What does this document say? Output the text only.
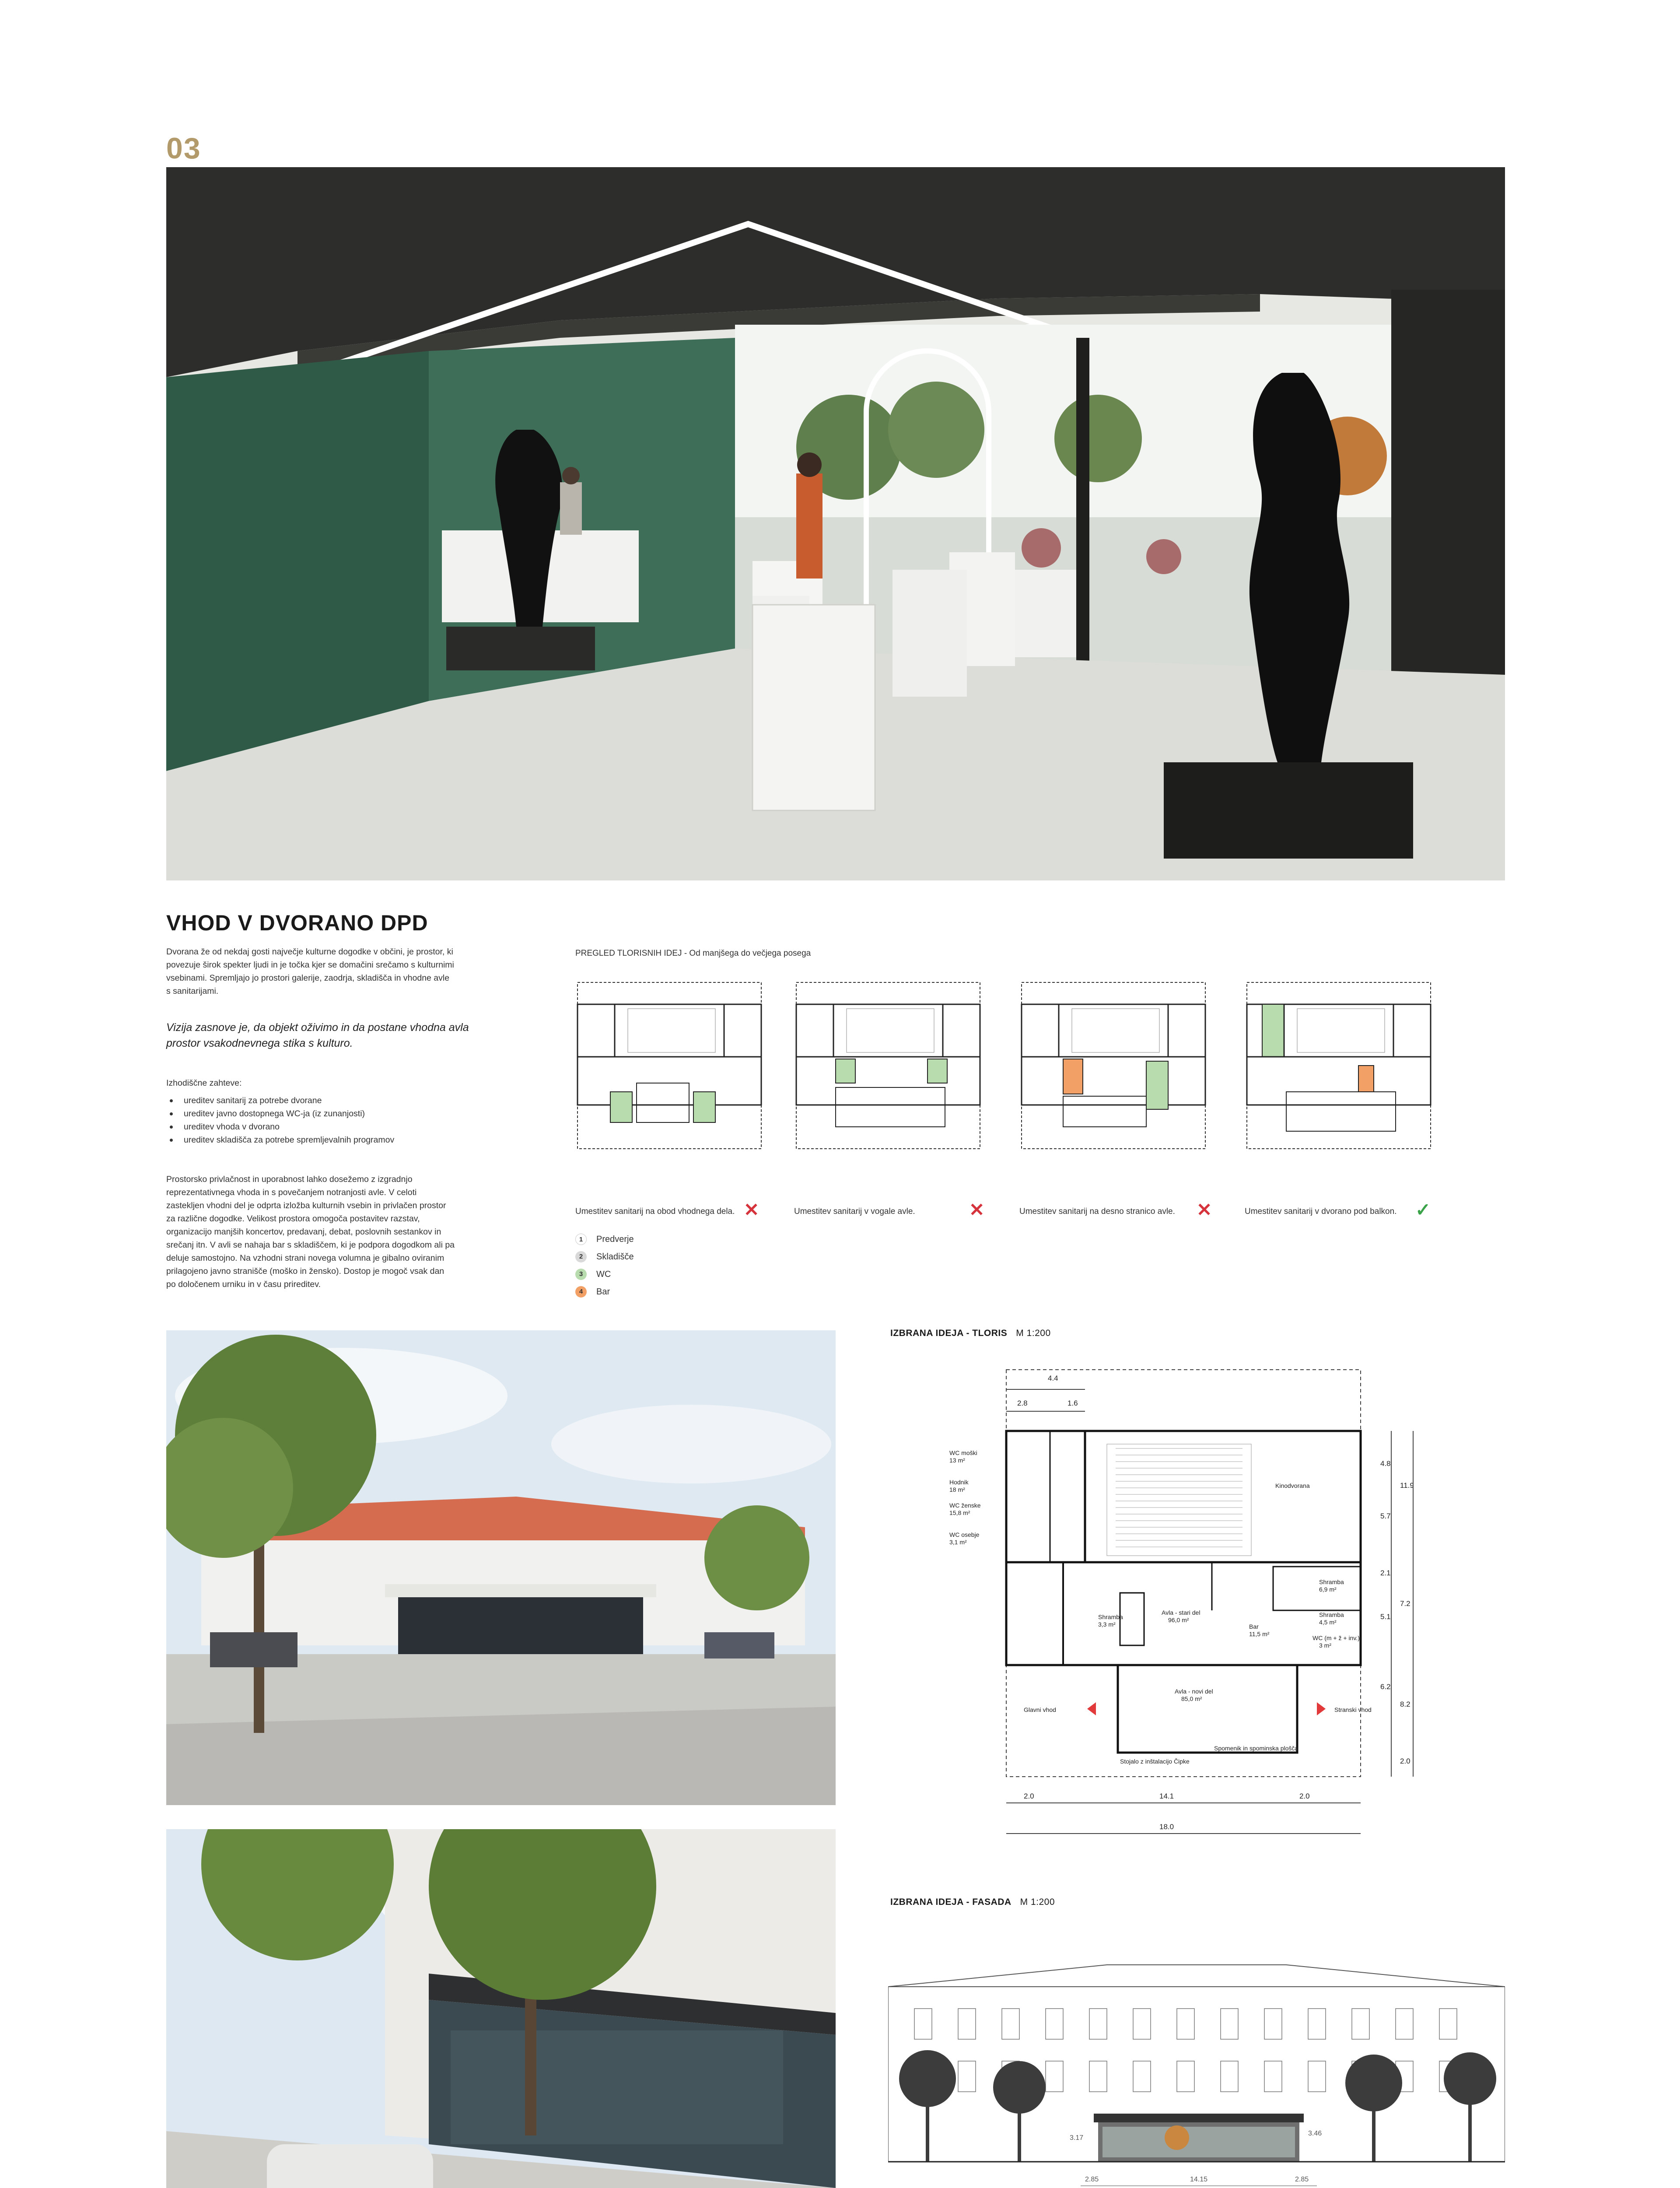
03
VHOD V DVORANO DPD

Dvorana že od nekdaj gosti največje kulturne dogodke v občini, je prostor, ki povezuje širok spekter ljudi in je točka kjer se domačini srečamo s kulturnimi vsebinami. Spremljajo jo prostori galerije, zaodrja, skladišča in vhodne avle s sanitarijami.

Vizija zasnove je, da objekt oživimo in da postane vhodna avla prostor vsakodnevnega stika s kulturo.

Izhodiščne zahteve:
ureditev sanitarij za potrebe dvorane
ureditev javno dostopnega WC-ja (iz zunanjosti)
ureditev vhoda v dvorano
ureditev skladišča za potrebe spremljevalnih programov

Prostorsko privlačnost in uporabnost lahko dosežemo z izgradnjo reprezentativnega vhoda in s povečanjem notranjosti avle. V celoti zastekljen vhodni del je odprta izložba kulturnih vsebin in privlačen prostor za različne dogodke. Velikost prostora omogoča postavitev razstav, organizacijo manjših koncertov, predavanj, debat, poslovnih sestankov in srečanj itn. V avli se nahaja bar s skladiščem, ki je podpora dogodkom ali pa deluje samostojno. Na vzhodni strani novega volumna je gibalno oviranim prilagojeno javno stranišče (moško in žensko). Dostop je mogoč vsak dan po določenem urniku in v času prireditev.

PREGLED TLORISNIH IDEJ - Od manjšega do večjega posega
Umestitev sanitarij na obod vhodnega dela. ✕	Umestitev sanitarij v vogale avle.	✕	Umestitev sanitarij na desno stranico avle. ✕	Umestitev sanitarij v dvorano pod balkon. ✓
1	Predverje
2	Skladišče
3	WC
4	Bar
IZBRANA IDEJA - TLORIS M 1:200
WC moški
13 m²
Hodnik
18 m²
WC ženske
15,8 m²
WC osebje
3,1 m²
Kinodvorana
Shramba
6,9 m²
Shramba
4,5 m²
WC (m + ž + inv.)
3 m²
Shramba
3,3 m²
Avla - stari del
96,0 m²
Bar
11,5 m²
Avla - novi del
85,0 m²
Glavni vhod	Stranski vhod
Spomenik in spominska plošča
Stojalo z inštalacijo Čipke
4.4
2.8	1.6
4.8
11.9
5.7
2.1
7.2
5.1
8.2
6.2
2.0
2.0	14.1	2.0
18.0
IZBRANA IDEJA - FASADA M 1:200
2.85	14.15	2.85
3.17
3.46
